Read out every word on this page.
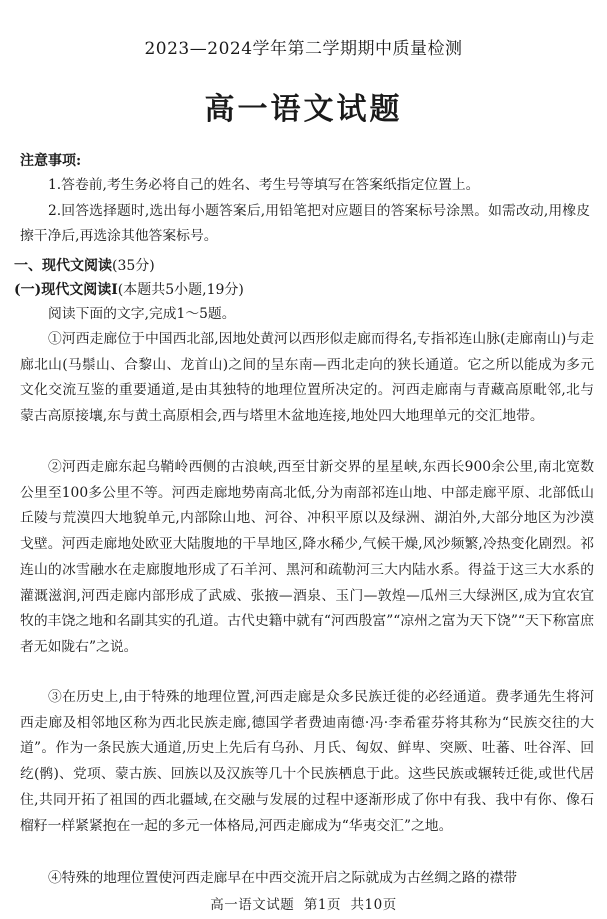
2023—2024学年第二学期期中质量检测
高一语文试题
注意事项:
1.答卷前,考生务必将自己的姓名、考生号等填写在答案纸指定位置上。
2.回答选择题时,选出每小题答案后,用铅笔把对应题目的答案标号涂黑。如需改动,用橡皮擦干净后,再选涂其他答案标号。
一、现代文阅读(35分)
(一)现代文阅读Ⅰ(本题共5小题,19分)
阅读下面的文字,完成1～5题。
①河西走廊位于中国西北部,因地处黄河以西形似走廊而得名,专指祁连山脉(走廊南山)与走廊北山(马鬃山、合黎山、龙首山)之间的呈东南—西北走向的狭长通道。它之所以能成为多元文化交流互鉴的重要通道,是由其独特的地理位置所决定的。河西走廊南与青藏高原毗邻,北与蒙古高原接壤,东与黄土高原相会,西与塔里木盆地连接,地处四大地理单元的交汇地带。
②河西走廊东起乌鞘岭西侧的古浪峡,西至甘新交界的星星峡,东西长900余公里,南北宽数公里至100多公里不等。河西走廊地势南高北低,分为南部祁连山地、中部走廊平原、北部低山丘陵与荒漠四大地貌单元,内部除山地、河谷、冲积平原以及绿洲、湖泊外,大部分地区为沙漠戈壁。河西走廊地处欧亚大陆腹地的干旱地区,降水稀少,气候干燥,风沙频繁,冷热变化剧烈。祁连山的冰雪融水在走廊腹地形成了石羊河、黑河和疏勒河三大内陆水系。得益于这三大水系的灌溉滋润,河西走廊内部形成了武威、张掖—酒泉、玉门—敦煌—瓜州三大绿洲区,成为宜农宜牧的丰饶之地和名副其实的孔道。古代史籍中就有“河西殷富”“凉州之富为天下饶”“天下称富庶者无如陇右”之说。
③在历史上,由于特殊的地理位置,河西走廊是众多民族迁徙的必经通道。费孝通先生将河西走廊及相邻地区称为西北民族走廊,德国学者费迪南德·冯·李希霍芬将其称为“民族交往的大道”。作为一条民族大通道,历史上先后有乌孙、月氏、匈奴、鲜卑、突厥、吐蕃、吐谷浑、回纥(鹘)、党项、蒙古族、回族以及汉族等几十个民族栖息于此。这些民族或辗转迁徙,或世代居住,共同开拓了祖国的西北疆域,在交融与发展的过程中逐渐形成了你中有我、我中有你、像石榴籽一样紧紧抱在一起的多元一体格局,河西走廊成为“华夷交汇”之地。
④特殊的地理位置使河西走廊早在中西交流开启之际就成为古丝绸之路的襟带
高一语文试题 第1页 共10页
